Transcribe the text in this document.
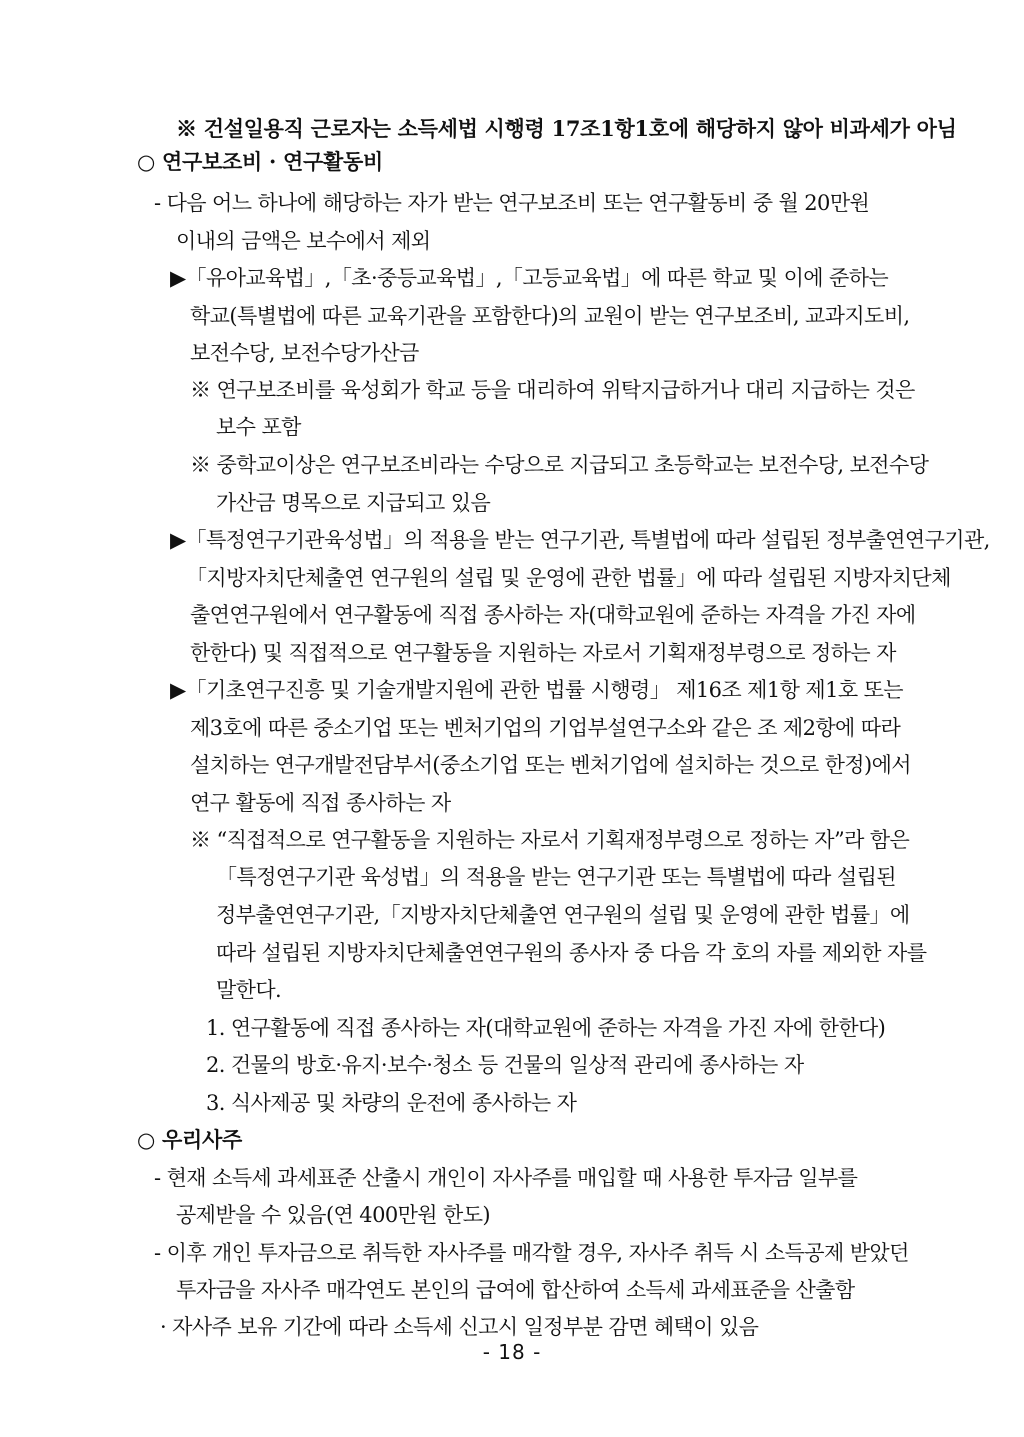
※ 건설일용직 근로자는 소득세법 시행령 17조1항1호에 해당하지 않아 비과세가 아님
○ 연구보조비 · 연구활동비
- 다음 어느 하나에 해당하는 자가 받는 연구보조비 또는 연구활동비 중 월 20만원
이내의 금액은 보수에서 제외
▶「유아교육법」,「초·중등교육법」,「고등교육법」에 따른 학교 및 이에 준하는
학교(특별법에 따른 교육기관을 포함한다)의 교원이 받는 연구보조비, 교과지도비,
보전수당, 보전수당가산금
※ 연구보조비를 육성회가 학교 등을 대리하여 위탁지급하거나 대리 지급하는 것은
보수 포함
※ 중학교이상은 연구보조비라는 수당으로 지급되고 초등학교는 보전수당, 보전수당
가산금 명목으로 지급되고 있음
▶「특정연구기관육성법」의 적용을 받는 연구기관, 특별법에 따라 설립된 정부출연연구기관,
「지방자치단체출연 연구원의 설립 및 운영에 관한 법률」에 따라 설립된 지방자치단체
출연연구원에서 연구활동에 직접 종사하는 자(대학교원에 준하는 자격을 가진 자에
한한다) 및 직접적으로 연구활동을 지원하는 자로서 기획재정부령으로 정하는 자
▶「기초연구진흥 및 기술개발지원에 관한 법률 시행령」 제16조 제1항 제1호 또는
제3호에 따른 중소기업 또는 벤처기업의 기업부설연구소와 같은 조 제2항에 따라
설치하는 연구개발전담부서(중소기업 또는 벤처기업에 설치하는 것으로 한정)에서
연구 활동에 직접 종사하는 자
※ “직접적으로 연구활동을 지원하는 자로서 기획재정부령으로 정하는 자”라 함은
「특정연구기관 육성법」의 적용을 받는 연구기관 또는 특별법에 따라 설립된
정부출연연구기관,「지방자치단체출연 연구원의 설립 및 운영에 관한 법률」에
따라 설립된 지방자치단체출연연구원의 종사자 중 다음 각 호의 자를 제외한 자를
말한다.
1. 연구활동에 직접 종사하는 자(대학교원에 준하는 자격을 가진 자에 한한다)
2. 건물의 방호·유지·보수·청소 등 건물의 일상적 관리에 종사하는 자
3. 식사제공 및 차량의 운전에 종사하는 자
○ 우리사주
- 현재 소득세 과세표준 산출시 개인이 자사주를 매입할 때 사용한 투자금 일부를
공제받을 수 있음(연 400만원 한도)
- 이후 개인 투자금으로 취득한 자사주를 매각할 경우, 자사주 취득 시 소득공제 받았던
투자금을 자사주 매각연도 본인의 급여에 합산하여 소득세 과세표준을 산출함
· 자사주 보유 기간에 따라 소득세 신고시 일정부분 감면 혜택이 있음
- 18 -
